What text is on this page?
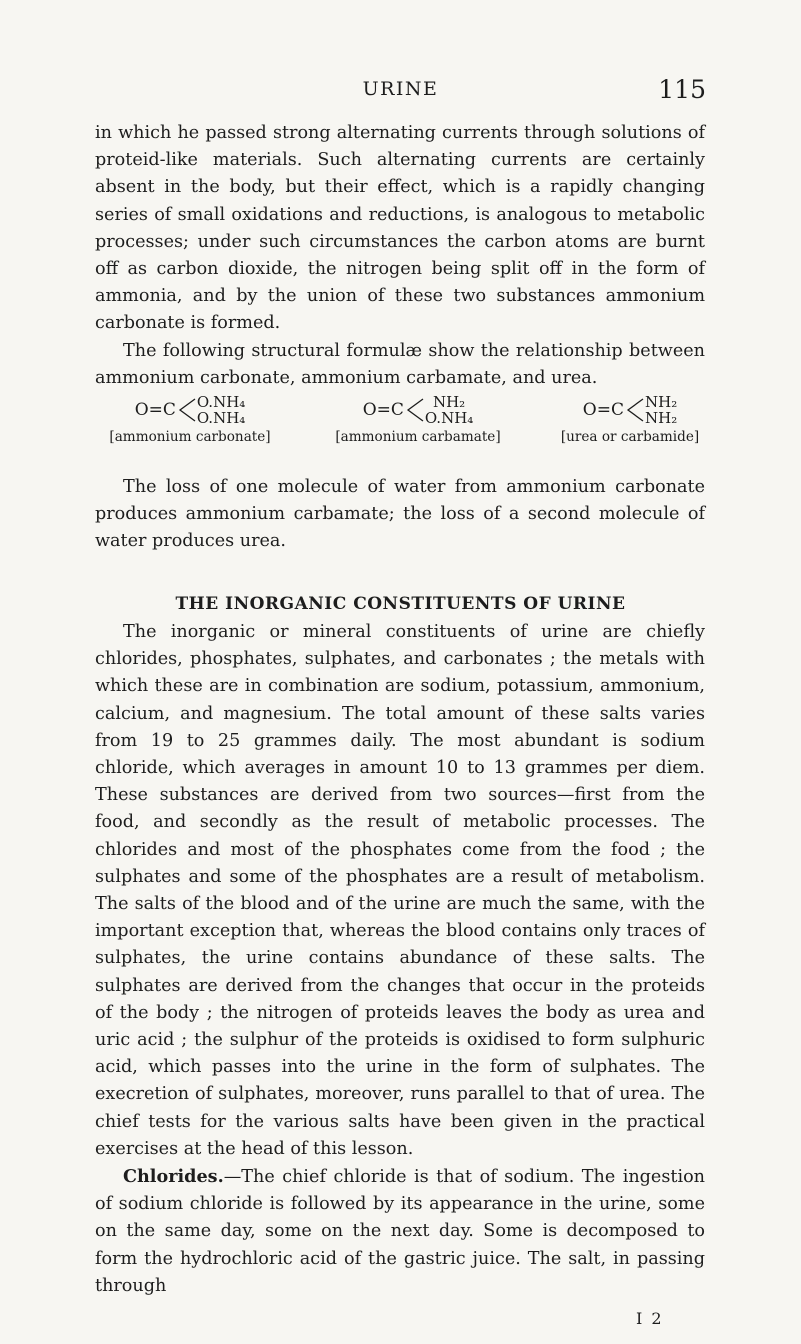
URINE	115

in which he passed strong alternating currents through solutions of proteid-like materials. Such alternating currents are certainly absent in the body, but their effect, which is a rapidly changing series of small oxidations and reductions, is analogous to metabolic processes; under such circumstances the carbon atoms are burnt off as carbon dioxide, the nitrogen being split off in the form of ammonia, and by the union of these two substances ammonium carbonate is formed.

The following structural formulæ show the relationship between ammonium carbonate, ammonium carbamate, and urea.

O=C O.NH₄
O.NH₄
[ammonium carbonate]
O=C	NH₂
O.NH₄
[ammonium carbamate]
O=C NH₂
NH₂
[urea or carbamide]

The loss of one molecule of water from ammonium carbonate produces ammonium carbamate; the loss of a second molecule of water produces urea.

THE INORGANIC CONSTITUENTS OF URINE

The inorganic or mineral constituents of urine are chiefly chlorides, phosphates, sulphates, and carbonates ; the metals with which these are in combination are sodium, potassium, ammonium, calcium, and magnesium. The total amount of these salts varies from 19 to 25 grammes daily. The most abundant is sodium chloride, which averages in amount 10 to 13 grammes per diem. These substances are derived from two sources—first from the food, and secondly as the result of metabolic processes. The chlorides and most of the phosphates come from the food ; the sulphates and some of the phosphates are a result of metabolism. The salts of the blood and of the urine are much the same, with the important exception that, whereas the blood contains only traces of sulphates, the urine contains abundance of these salts. The sulphates are derived from the changes that occur in the proteids of the body ; the nitrogen of proteids leaves the body as urea and uric acid ; the sulphur of the proteids is oxidised to form sulphuric acid, which passes into the urine in the form of sulphates. The execretion of sulphates, moreover, runs parallel to that of urea. The chief tests for the various salts have been given in the practical exercises at the head of this lesson.

Chlorides.—The chief chloride is that of sodium. The ingestion of sodium chloride is followed by its appearance in the urine, some on the same day, some on the next day. Some is decomposed to form the hydrochloric acid of the gastric juice. The salt, in passing through

I 2
